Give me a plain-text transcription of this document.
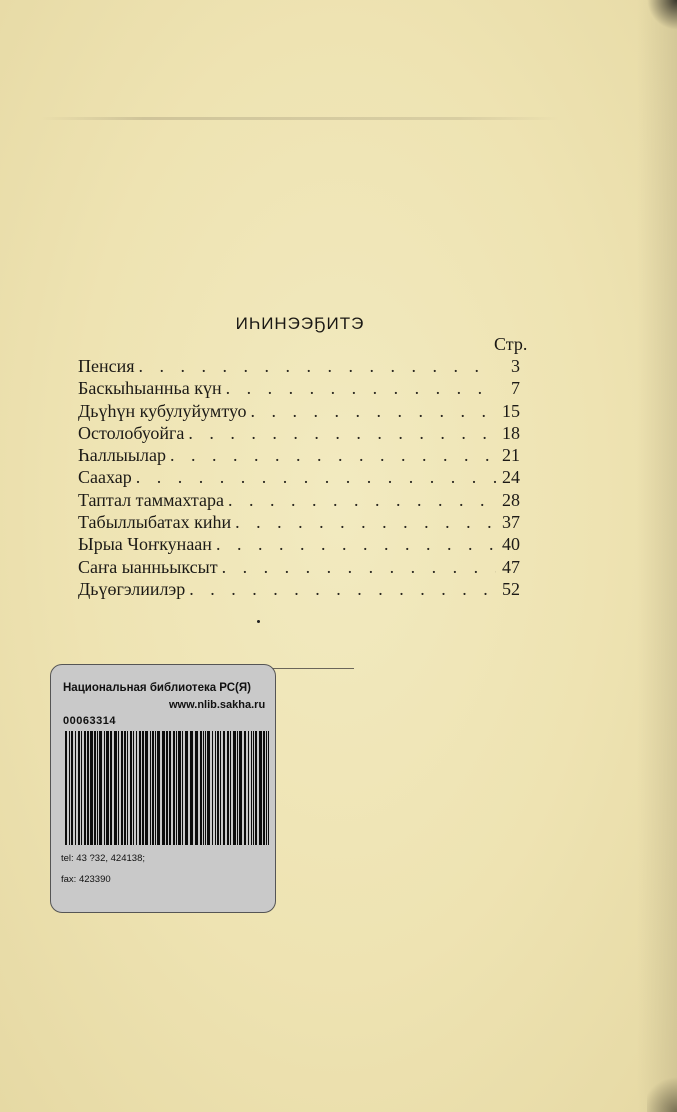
ИҺИНЭЭҔИТЭ
Стр.
Пенсия . . .	3
Баскыһыанньа күн . . .	7
Дьүһүн кубулуйумтуо . . .	15
Остолобуойга . . .	18
Һаллыылар . . .	21
Саахар . . .	24
Таптал таммахтара . . .	28
Табыллыбатах киһи . . .	37
Ырыа Чоҥкунаан . . .	40
Саҥа ыанньыксыт . . .	47
Дьүөгэлиилэр . . .	52
Национальная библиотека РС(Я)
www.nlib.sakha.ru
00063314
tel: 43 ?32, 424138;
fax: 423390
